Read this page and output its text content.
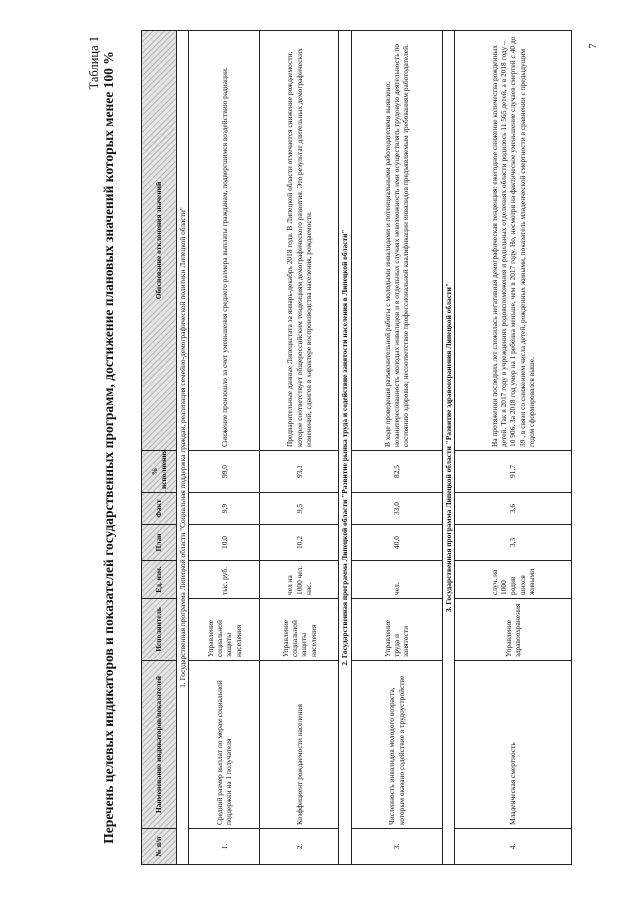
7
Таблица 1 Перечень целевых индикаторов и показателей государственных программ, достижение плановых значений которых менее 100 %
№ п/п	Наименование индикаторов/показателей	Исполнитель	Ед. изм.	План	Факт	% исполнения	Обоснование отклонения значений
1. Государственная программа Липецкой области "Социальная поддержка граждан, реализация семейно-демографической политики Липецкой области"							
1.	Средний размер выплат по мерам социальной поддержки на 1 получателя	Управление социальной защиты населения	тыс. руб.	10,0	9,9	99,0	Снижение произошло за счет уменьшения среднего размера выплаты гражданам, подвергшимся воздействию радиации.
2.	Коэффициент рождаемости населения	Управление социальной защиты населения	чел на 1000 чел. нас.	10,2	9,5	93,1	Предварительные данные Липецкстата за январь-декабрь 2018 года. В Липецкой области отмечается снижение рождаемости, которое соответствует общероссийским тенденциям демографического развития. Это результат длительных демографических изменений, сдвигов в характере воспроизводства населения, рождаемости.
2. Государственная программа Липецкой области "Развитие рынка труда и содействие занятости населения в Липецкой области"							
3.	Численность инвалидов молодого возраста, которым оказано содействие в трудоустройстве	Управление труда и занятости	чел.	40,0	33,0	82,5	В ходе проведения разъяснительной работы с молодыми инвалидами и потенциальными работодателями выявлено: незаинтересованность молодых инвалидов и в отдельных случаях невозможность ими осуществлять трудовую деятельность по состоянию здоровья; несоответствие профессиональной квалификации инвалидов предъявляемым требованиям работодателей.
3. Государственная программа Липецкой области "Развитие здравоохранения Липецкой области"							
4.	Младенческая смертность	Управление здравоохранения	случ. на 1000 родив шихся живыми	3,3	3,6	91,7	На протяжении последних лет сложилась негативная демографическая тенденция: ежегодное снижение количества рожденных детей. Так в 2017 году в учреждениях родовспоможения и родильных отделениях области родилось 11 565 детей, а в 2018 году – 10 906. За 2018 год умер на 1 ребёнка меньше, чем в 2017 году. Но, несмотря на фактическое уменьшение случаев смертей с 40 до 39 , в связи со снижением числа детей, рожденных живыми, показатель младенческой смертности в сравнении с предыдущим годом сформировался выше.
